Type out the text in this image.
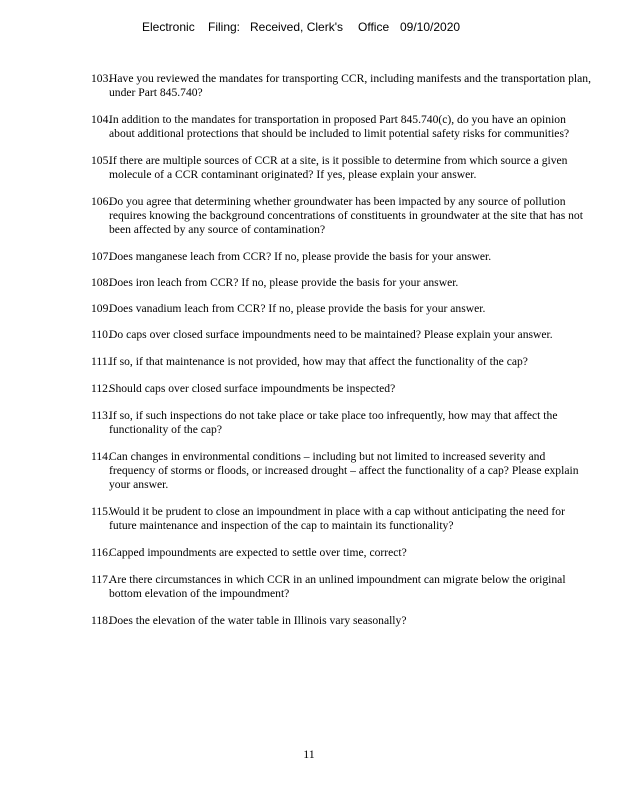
Electronic

Filing:

Received, Clerk's

Office

09/10/2020

103.
Have you reviewed the mandates for transporting CCR, including manifests and the transportation plan, under Part 845.740?
104.
In addition to the mandates for transportation in proposed Part 845.740(c), do you have an opinion about additional protections that should be included to limit potential safety risks for communities?
105.
If there are multiple sources of CCR at a site, is it possible to determine from which source a given molecule of a CCR contaminant originated? If yes, please explain your answer.
106.
Do you agree that determining whether groundwater has been impacted by any source of pollution requires knowing the background concentrations of constituents in groundwater at the site that has not been affected by any source of contamination?
107.
Does manganese leach from CCR? If no, please provide the basis for your answer.
108.
Does iron leach from CCR? If no, please provide the basis for your answer.
109.
Does vanadium leach from CCR? If no, please provide the basis for your answer.
110.
Do caps over closed surface impoundments need to be maintained? Please explain your answer.
111.
If so, if that maintenance is not provided, how may that affect the functionality of the cap?
112.
Should caps over closed surface impoundments be inspected?
113.
If so, if such inspections do not take place or take place too infrequently, how may that affect the functionality of the cap?
114.
Can changes in environmental conditions – including but not limited to increased severity and frequency of storms or floods, or increased drought – affect the functionality of a cap? Please explain your answer.
115.
Would it be prudent to close an impoundment in place with a cap without anticipating the need for future maintenance and inspection of the cap to maintain its functionality?
116.
Capped impoundments are expected to settle over time, correct?
117.
Are there circumstances in which CCR in an unlined impoundment can migrate below the original bottom elevation of the impoundment?
118.
Does the elevation of the water table in Illinois vary seasonally?
11
